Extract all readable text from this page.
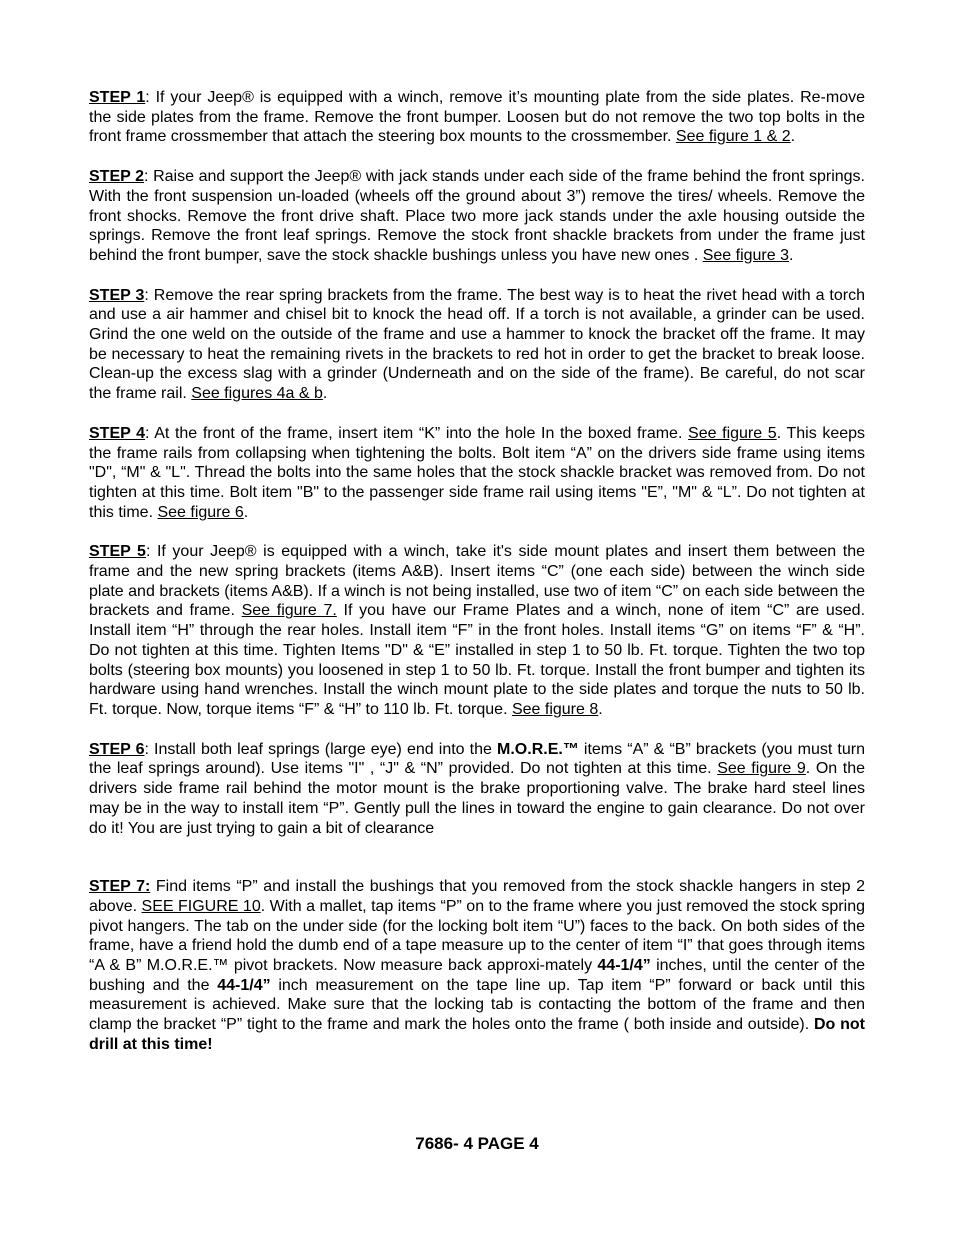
STEP 1: If your Jeep® is equipped with a winch, remove it’s mounting plate from the side plates. Re-move the side plates from the frame. Remove the front bumper. Loosen but do not remove the two top bolts in the front frame crossmember that attach the steering box mounts to the crossmember. See figure 1 & 2.

STEP 2: Raise and support the Jeep® with jack stands under each side of the frame behind the front springs. With the front suspension un-loaded (wheels off the ground about 3”) remove the tires/ wheels. Remove the front shocks. Remove the front drive shaft. Place two more jack stands under the axle housing outside the springs. Remove the front leaf springs. Remove the stock front shackle brackets from under the frame just behind the front bumper, save the stock shackle bushings unless you have new ones . See figure 3.

STEP 3: Remove the rear spring brackets from the frame. The best way is to heat the rivet head with a torch and use a air hammer and chisel bit to knock the head off. If a torch is not available, a grinder can be used. Grind the one weld on the outside of the frame and use a hammer to knock the bracket off the frame. It may be necessary to heat the remaining rivets in the brackets to red hot in order to get the bracket to break loose. Clean-up the excess slag with a grinder (Underneath and on the side of the frame). Be careful, do not scar the frame rail. See figures 4a & b.

STEP 4: At the front of the frame, insert item “K” into the hole In the boxed frame. See figure 5. This keeps the frame rails from collapsing when tightening the bolts. Bolt item “A” on the drivers side frame using items "D", “M" & "L". Thread the bolts into the same holes that the stock shackle bracket was removed from. Do not tighten at this time. Bolt item "B" to the passenger side frame rail using items "E”, "M" & “L”. Do not tighten at this time. See figure 6.

STEP 5: If your Jeep® is equipped with a winch, take it's side mount plates and insert them between the frame and the new spring brackets (items A&B). Insert items “C” (one each side) between the winch side plate and brackets (items A&B). If a winch is not being installed, use two of item “C” on each side between the brackets and frame. See figure 7. If you have our Frame Plates and a winch, none of item “C” are used. Install item “H” through the rear holes. Install item “F” in the front holes. Install items “G” on items “F” & “H”. Do not tighten at this time. Tighten Items "D" & “E” installed in step 1 to 50 lb. Ft. torque. Tighten the two top bolts (steering box mounts) you loosened in step 1 to 50 lb. Ft. torque. Install the front bumper and tighten its hardware using hand wrenches. Install the winch mount plate to the side plates and torque the nuts to 50 lb. Ft. torque. Now, torque items “F” & “H” to 110 lb. Ft. torque. See figure 8.

STEP 6: Install both leaf springs (large eye) end into the M.O.R.E.™ items “A” & “B” brackets (you must turn the leaf springs around). Use items "I" , “J" & “N” provided. Do not tighten at this time. See figure 9. On the drivers side frame rail behind the motor mount is the brake proportioning valve. The brake hard steel lines may be in the way to install item “P”. Gently pull the lines in toward the engine to gain clearance. Do not over do it! You are just trying to gain a bit of clearance

STEP 7: Find items “P” and install the bushings that you removed from the stock shackle hangers in step 2 above. SEE FIGURE 10. With a mallet, tap items “P” on to the frame where you just removed the stock spring pivot hangers. The tab on the under side (for the locking bolt item “U”) faces to the back. On both sides of the frame, have a friend hold the dumb end of a tape measure up to the center of item “I” that goes through items “A & B” M.O.R.E.™ pivot brackets. Now measure back approxi-mately 44-1/4” inches, until the center of the bushing and the 44-1/4” inch measurement on the tape line up. Tap item “P” forward or back until this measurement is achieved. Make sure that the locking tab is contacting the bottom of the frame and then clamp the bracket “P” tight to the frame and mark the holes onto the frame ( both inside and outside). Do not drill at this time!

7686- 4 PAGE 4
